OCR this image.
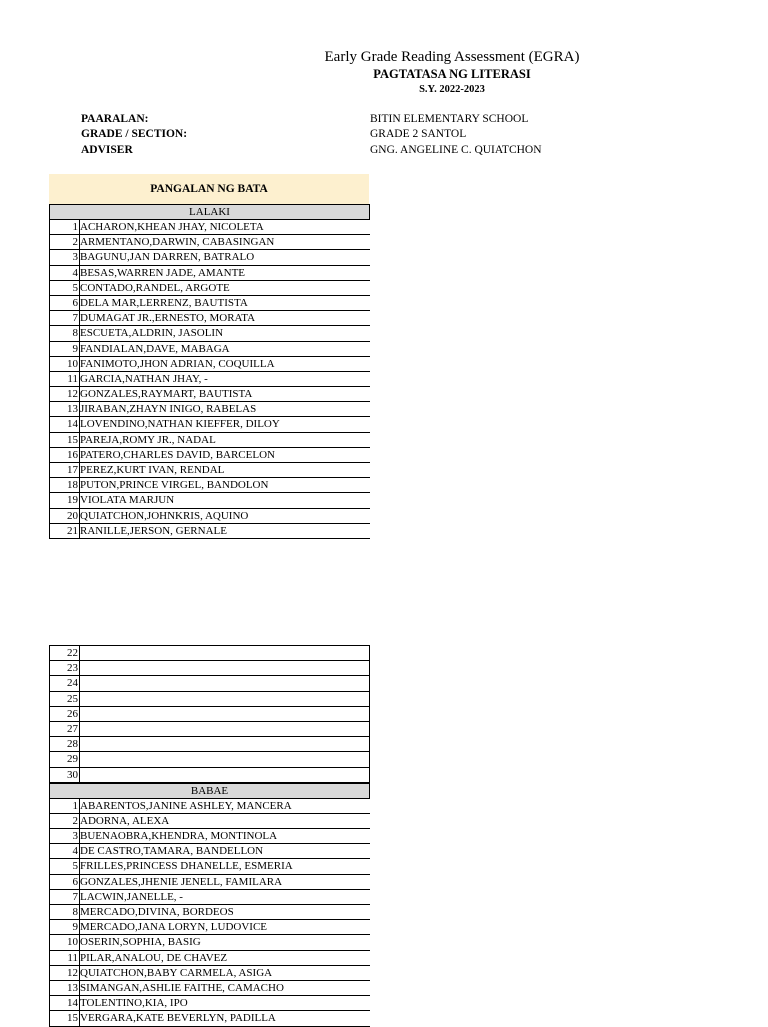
Early Grade Reading Assessment (EGRA)
PAGTATASA NG LITERASI
S.Y. 2022-2023
PAARALAN:	BITIN ELEMENTARY SCHOOL
GRADE / SECTION:	GRADE 2 SANTOL
ADVISER	GNG. ANGELINE C. QUIATCHON
PANGALAN NG BATA
LALAKI
1 ACHARON,KHEAN JHAY, NICOLETA
2 ARMENTANO,DARWIN, CABASINGAN
3 BAGUNU,JAN DARREN, BATRALO
4 BESAS,WARREN JADE, AMANTE
5 CONTADO,RANDEL, ARGOTE
6 DELA MAR,LERRENZ, BAUTISTA
7 DUMAGAT JR.,ERNESTO, MORATA
8 ESCUETA,ALDRIN, JASOLIN
9 FANDIALAN,DAVE, MABAGA
10 FANIMOTO,JHON ADRIAN, COQUILLA
11 GARCIA,NATHAN JHAY, -
12 GONZALES,RAYMART, BAUTISTA
13 JIRABAN,ZHAYN INIGO, RABELAS
14 LOVENDINO,NATHAN KIEFFER, DILOY
15 PAREJA,ROMY JR., NADAL
16 PATERO,CHARLES DAVID, BARCELON
17 PEREZ,KURT IVAN, RENDAL
18 PUTON,PRINCE VIRGEL, BANDOLON
19 VIOLATA MARJUN
20 QUIATCHON,JOHNKRIS, AQUINO
21 RANILLE,JERSON, GERNALE
22
23
24
25
26
27
28
29
30
BABAE
1 ABARENTOS,JANINE ASHLEY, MANCERA
2 ADORNA, ALEXA
3 BUENAOBRA,KHENDRA, MONTINOLA
4 DE CASTRO,TAMARA, BANDELLON
5 FRILLES,PRINCESS DHANELLE, ESMERIA
6 GONZALES,JHENIE JENELL, FAMILARA
7 LACWIN,JANELLE, -
8 MERCADO,DIVINA, BORDEOS
9 MERCADO,JANA LORYN, LUDOVICE
10 OSERIN,SOPHIA, BASIG
11 PILAR,ANALOU, DE CHAVEZ
12 QUIATCHON,BABY CARMELA, ASIGA
13 SIMANGAN,ASHLIE FAITHE, CAMACHO
14 TOLENTINO,KIA, IPO
15 VERGARA,KATE BEVERLYN, PADILLA
